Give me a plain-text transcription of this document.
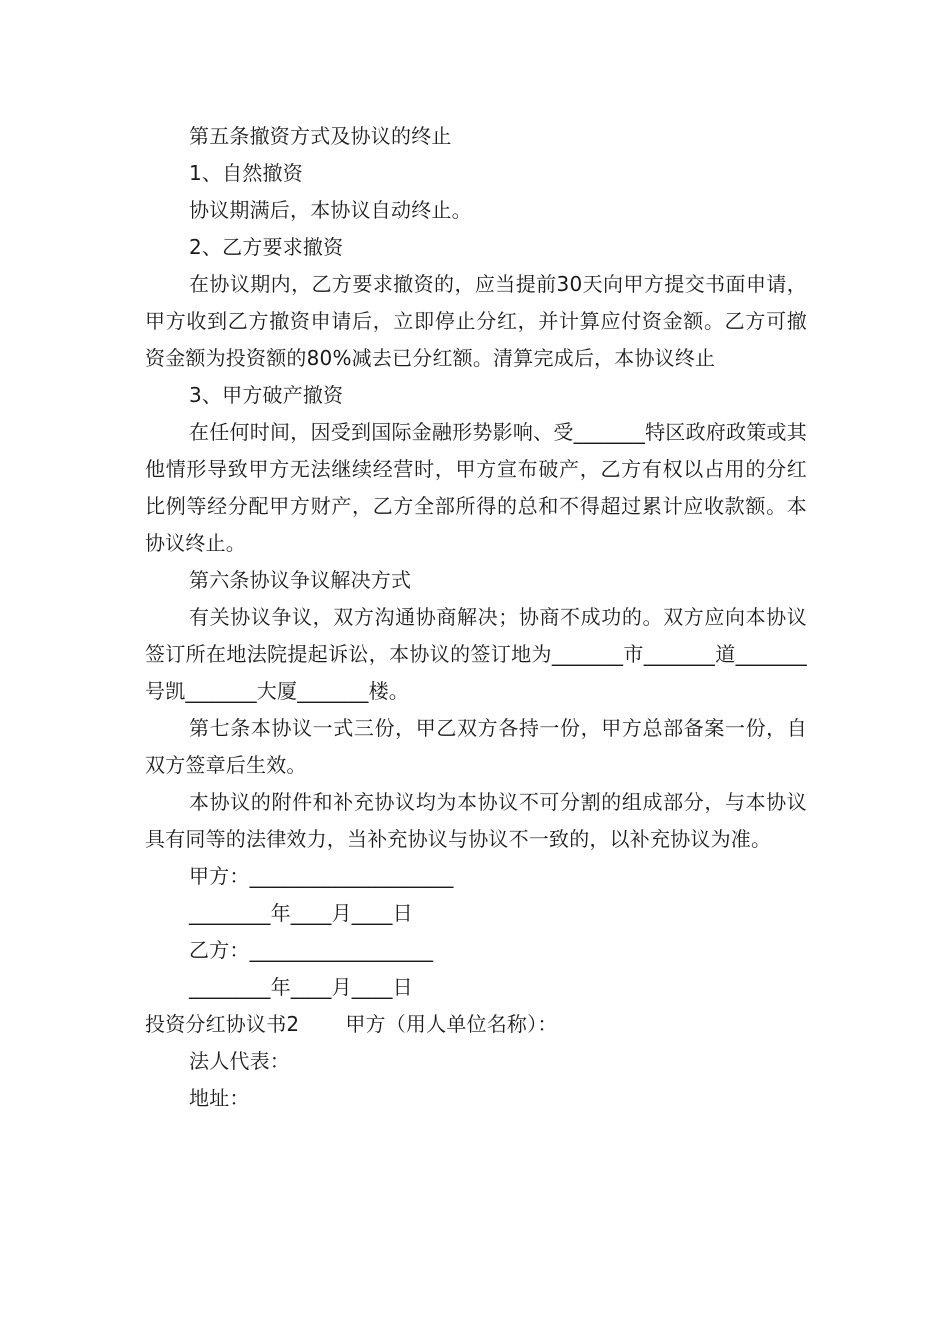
第五条撤资方式及协议的终止

1、自然撤资

协议期满后，本协议自动终止。

2、乙方要求撤资

在协议期内，乙方要求撤资的，应当提前30天向甲方提交书面申请，甲方收到乙方撤资申请后，立即停止分红，并计算应付资金额。乙方可撤资金额为投资额的80%减去已分红额。清算完成后，本协议终止

3、甲方破产撤资

在任何时间，因受到国际金融形势影响、受_______特区政府政策或其他情形导致甲方无法继续经营时，甲方宣布破产，乙方有权以占用的分红比例等经分配甲方财产，乙方全部所得的总和不得超过累计应收款额。本协议终止。

第六条协议争议解决方式

有关协议争议，双方沟通协商解决；协商不成功的。双方应向本协议签订所在地法院提起诉讼，本协议的签订地为_______市_______道_______号凯_______大厦_______楼。

第七条本协议一式三份，甲乙双方各持一份，甲方总部备案一份，自双方签章后生效。

本协议的附件和补充协议均为本协议不可分割的组成部分，与本协议具有同等的法律效力，当补充协议与协议不一致的，以补充协议为准。

甲方：____________________

________年____月____日

乙方：__________________

________年____月____日

投资分红协议书2 甲方（用人单位名称）：

法人代表：

地址：
